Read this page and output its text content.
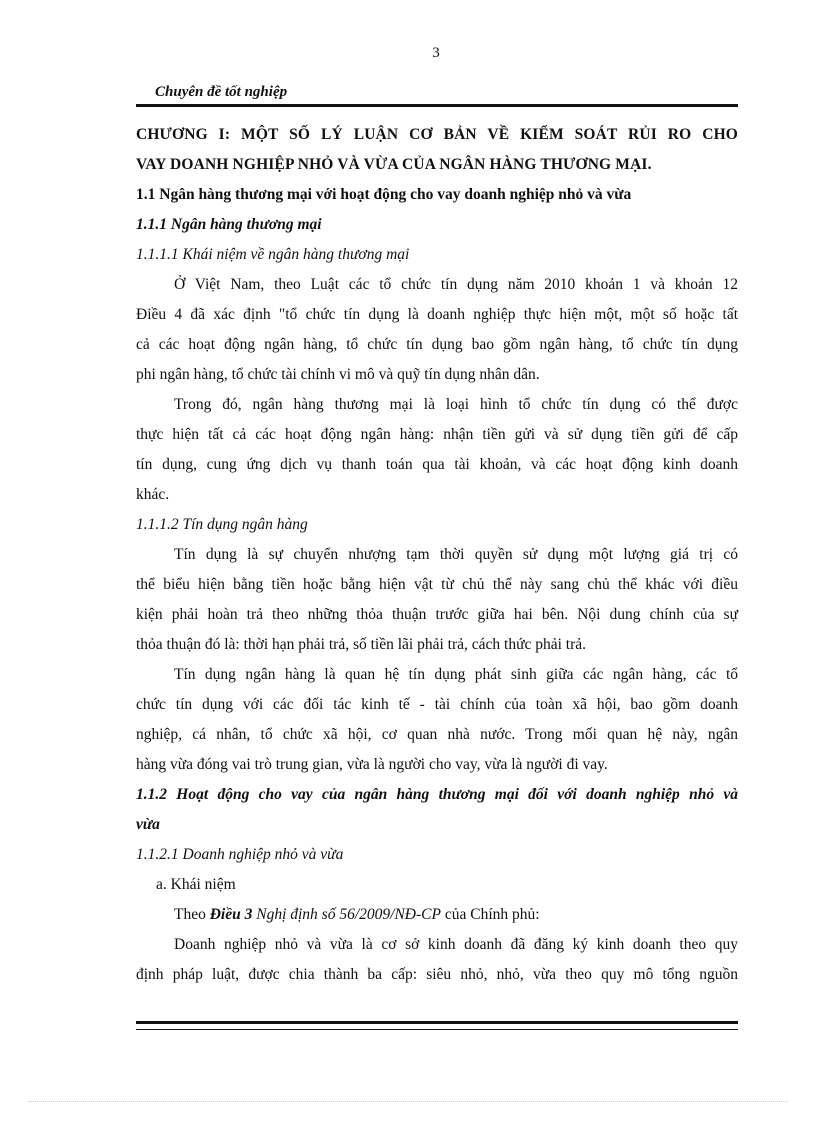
3
Chuyên đề tốt nghiệp
CHƯƠNG I: MỘT SỐ LÝ LUẬN CƠ BẢN VỀ KIỂM SOÁT RỦI RO CHO
VAY DOANH NGHIỆP NHỎ VÀ VỪA CỦA NGÂN HÀNG THƯƠNG MẠI.
1.1 Ngân hàng thương mại với hoạt động cho vay doanh nghiệp nhỏ và vừa
1.1.1 Ngân hàng thương mại
1.1.1.1 Khái niệm về ngân hàng thương mại

Ở Việt Nam, theo Luật các tổ chức tín dụng năm 2010 khoản 1 và khoản 12
Điều 4 đã xác định "tổ chức tín dụng là doanh nghiệp thực hiện một, một số hoặc tất
cả các hoạt động ngân hàng, tổ chức tín dụng bao gồm ngân hàng, tổ chức tín dụng
phi ngân hàng, tổ chức tài chính vi mô và quỹ tín dụng nhân dân.

Trong đó, ngân hàng thương mại là loại hình tổ chức tín dụng có thể được
thực hiện tất cả các hoạt động ngân hàng: nhận tiền gửi và sử dụng tiền gửi để cấp
tín dụng, cung ứng dịch vụ thanh toán qua tài khoản, và các hoạt động kinh doanh
khác.

1.1.1.2 Tín dụng ngân hàng

Tín dụng là sự chuyển nhượng tạm thời quyền sử dụng một lượng giá trị có
thể biểu hiện bằng tiền hoặc bằng hiện vật từ chủ thể này sang chủ thể khác với điều
kiện phải hoàn trả theo những thỏa thuận trước giữa hai bên. Nội dung chính của sự
thỏa thuận đó là: thời hạn phải trả, số tiền lãi phải trả, cách thức phải trả.

Tín dụng ngân hàng là quan hệ tín dụng phát sinh giữa các ngân hàng, các tổ
chức tín dụng với các đối tác kinh tế - tài chính của toàn xã hội, bao gồm doanh
nghiệp, cá nhân, tổ chức xã hội, cơ quan nhà nước. Trong mối quan hệ này, ngân
hàng vừa đóng vai trò trung gian, vừa là người cho vay, vừa là người đi vay.

1.1.2 Hoạt động cho vay của ngân hàng thương mại đối với doanh nghiệp nhỏ và
vừa
1.1.2.1 Doanh nghiệp nhỏ và vừa
a. Khái niệm
Theo Điều 3 Nghị định số 56/2009/NĐ-CP của Chính phủ:

Doanh nghiệp nhỏ và vừa là cơ sở kinh doanh đã đăng ký kinh doanh theo quy
định pháp luật, được chia thành ba cấp: siêu nhỏ, nhỏ, vừa theo quy mô tổng nguồn
